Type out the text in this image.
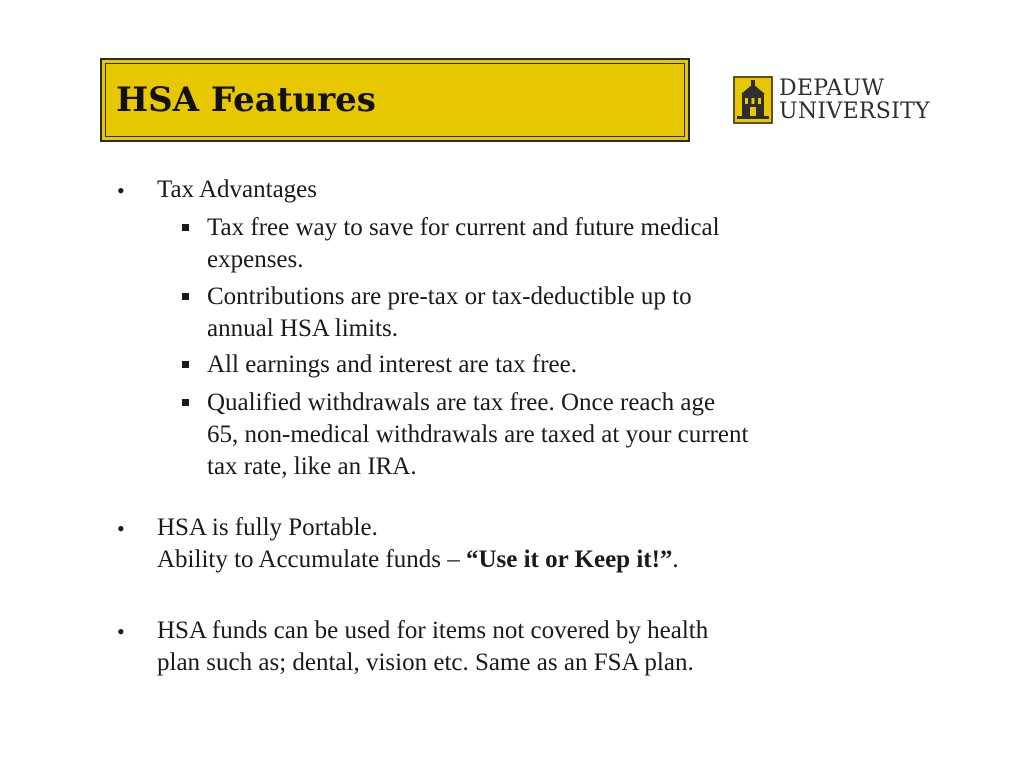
HSA Features	DEPAUW
UNIVERSITY
• Tax Advantages

Tax free way to save for current and future medical

expenses.

Contributions are pre-tax or tax-deductible up to

annual HSA limits.

All earnings and interest are tax free.

Qualified withdrawals are tax free. Once reach age

65, non-medical withdrawals are taxed at your current

tax rate, like an IRA.

• HSA is fully Portable.

Ability to Accumulate funds – “Use it or Keep it!”.

• HSA funds can be used for items not covered by health

plan such as; dental, vision etc. Same as an FSA plan.
